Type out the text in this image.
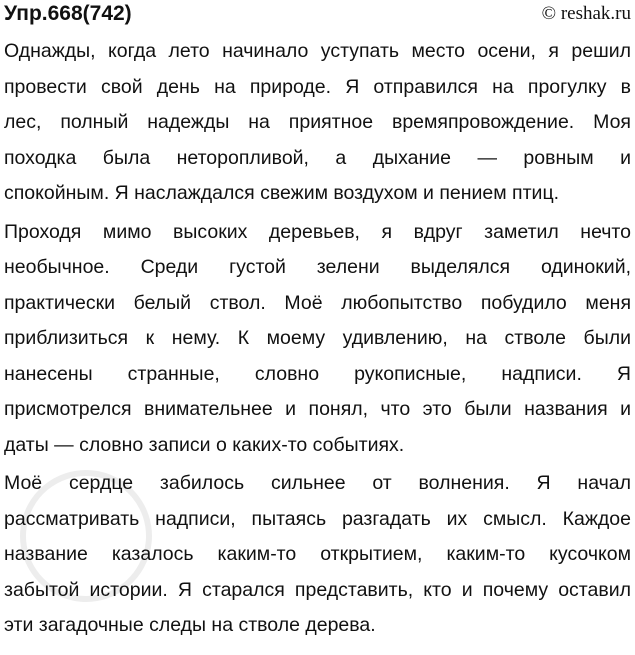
Упр.668(742)	© reshak.ru

Однажды, когда лето начинало уступать место осени, я решил
провести свой день на природе. Я отправился на прогулку в
лес, полный надежды на приятное времяпровождение. Моя
походка была неторопливой, а дыхание — ровным и
спокойным. Я наслаждался свежим воздухом и пением птиц.

Проходя мимо высоких деревьев, я вдруг заметил нечто
необычное. Среди густой зелени выделялся одинокий,
практически белый ствол. Моё любопытство побудило меня
приблизиться к нему. К моему удивлению, на стволе были
нанесены странные, словно рукописные, надписи. Я
присмотрелся внимательнее и понял, что это были названия и
даты — словно записи о каких-то событиях.

Моё сердце забилось сильнее от волнения. Я начал
рассматривать надписи, пытаясь разгадать их смысл. Каждое
название казалось каким-то открытием, каким-то кусочком
забытой истории. Я старался представить, кто и почему оставил
эти загадочные следы на стволе дерева.
